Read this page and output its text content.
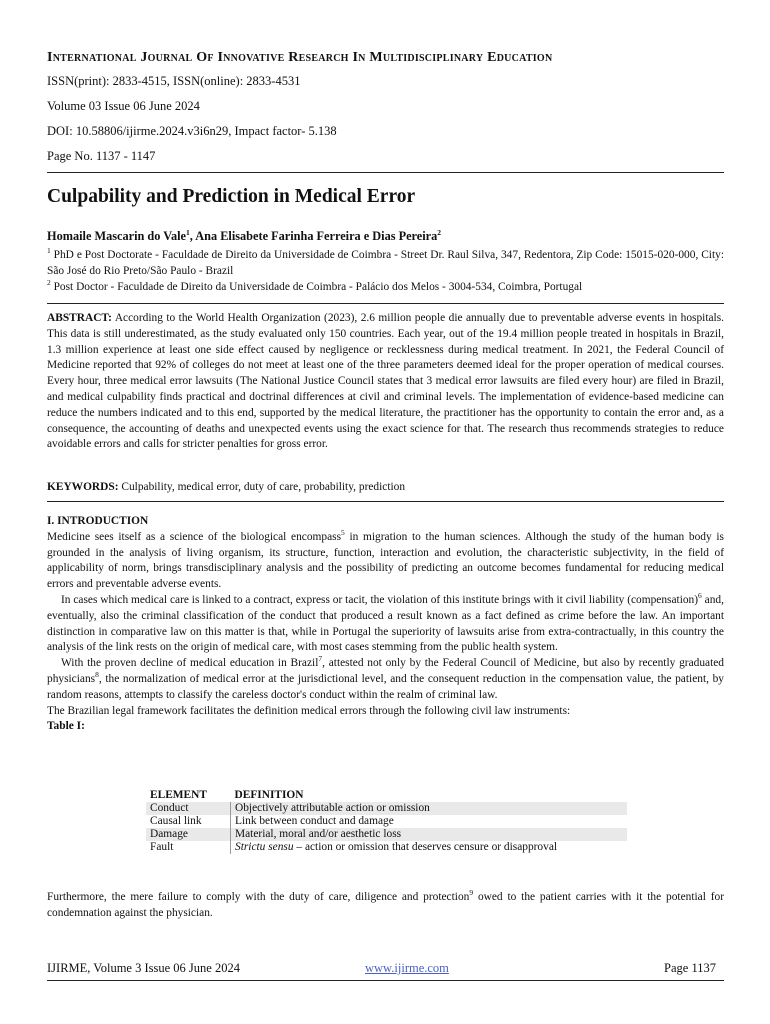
International Journal Of Innovative Research In Multidisciplinary Education
ISSN(print): 2833-4515, ISSN(online): 2833-4531
Volume 03 Issue 06 June 2024
DOI: 10.58806/ijirme.2024.v3i6n29, Impact factor- 5.138
Page No. 1137 - 1147
Culpability and Prediction in Medical Error
Homaile Mascarin do Vale$^1$, Ana Elisabete Farinha Ferreira e Dias Pereira$^2$
$^1$ PhD e Post Doctorate - Faculdade de Direito da Universidade de Coimbra - Street Dr. Raul Silva, 347, Redentora, Zip Code: 15015-020-000, City: São José do Rio Preto/São Paulo - Brazil
$^2$ Post Doctor - Faculdade de Direito da Universidade de Coimbra - Palácio dos Melos - 3004-534, Coimbra, Portugal
ABSTRACT: According to the World Health Organization (2023), 2.6 million people die annually due to preventable adverse events in hospitals. This data is still underestimated, as the study evaluated only 150 countries. Each year, out of the 19.4 million people treated in hospitals in Brazil, 1.3 million experience at least one side effect caused by negligence or recklessness during medical treatment. In 2021, the Federal Council of Medicine reported that 92% of colleges do not meet at least one of the three parameters deemed ideal for the proper operation of medical courses. Every hour, three medical error lawsuits (The National Justice Council states that 3 medical error lawsuits are filed every hour) are filed in Brazil, and medical culpability finds practical and doctrinal differences at civil and criminal levels. The implementation of evidence-based medicine can reduce the numbers indicated and to this end, supported by the medical literature, the practitioner has the opportunity to contain the error and, as a consequence, the accounting of deaths and unexpected events using the exact science for that. The research thus recommends strategies to reduce avoidable errors and calls for stricter penalties for gross error.
KEYWORDS: Culpability, medical error, duty of care, probability, prediction

I. INTRODUCTION

Medicine sees itself as a science of the biological encompass$^5$ in migration to the human sciences. Although the study of the human body is grounded in the analysis of living organism, its structure, function, interaction and evolution, the characteristic subjectivity, in the field of applicability of norm, brings transdisciplinary analysis and the possibility of predicting an outcome becomes fundamental for reducing medical errors and preventable adverse events.

In cases which medical care is linked to a contract, express or tacit, the violation of this institute brings with it civil liability (compensation)$^6$ and, eventually, also the criminal classification of the conduct that produced a result known as a fact defined as crime before the law. An important distinction in comparative law on this matter is that, while in Portugal the superiority of lawsuits arise from extra-contractually, in this country the analysis of the link rests on the origin of medical care, with most cases stemming from the public health system.

With the proven decline of medical education in Brazil$^7$, attested not only by the Federal Council of Medicine, but also by recently graduated physicians$^8$, the normalization of medical error at the jurisdictional level, and the consequent reduction in the compensation value, the patient, by random reasons, attempts to classify the careless doctor's conduct within the realm of criminal law.

The Brazilian legal framework facilitates the definition medical errors through the following civil law instruments:

Table I:

ELEMENT	DEFINITION
Conduct	Objectively attributable action or omission
Causal link	Link between conduct and damage
Damage	Material, moral and/or aesthetic loss
Fault	Strictu sensu – action or omission that deserves censure or disapproval
Furthermore, the mere failure to comply with the duty of care, diligence and protection$^9$ owed to the patient carries with it the potential for condemnation against the physician.
IJIRME, Volume 3 Issue 06 June 2024	www.ijirme.com	Page 1137
